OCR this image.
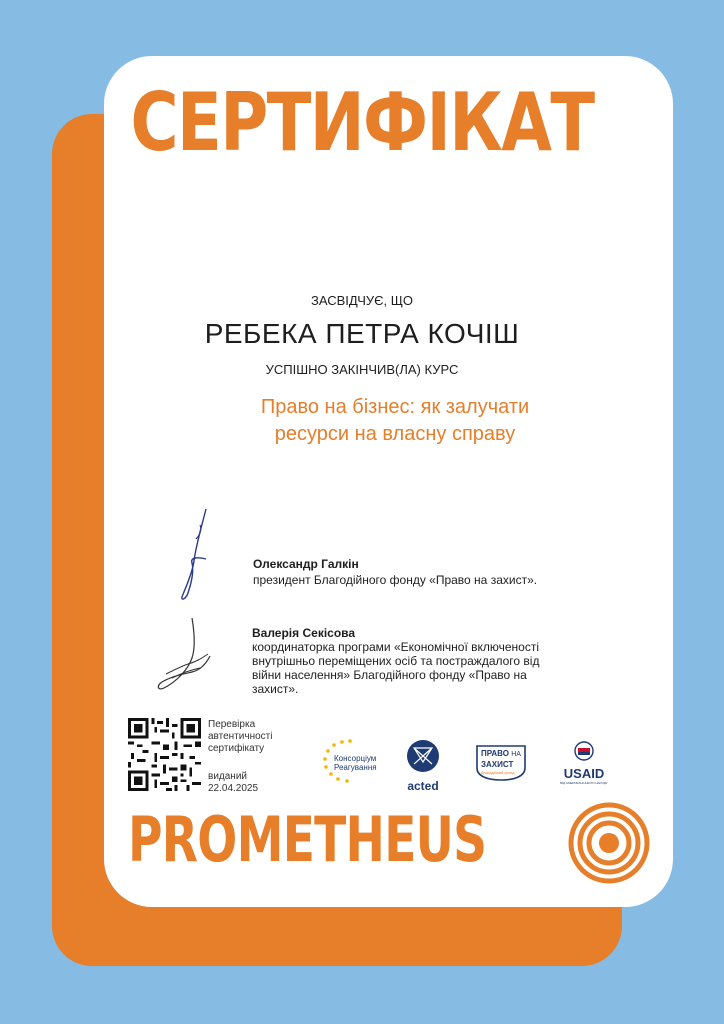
СЕРТИФІКАТ
ЗАСВІДЧУЄ, ЩО
РЕБЕКА ПЕТРА КОЧІШ
УСПІШНО ЗАКІНЧИВ(ЛА) КУРС
Право на бізнес: як залучати
ресурси на власну справу
Олександр Галкін
президент Благодійного фонду «Право на захист».
Валерія Секісова
координаторка програми «Економічної включеності
внутрішньо переміщених осіб та постраждалого від
війни населення» Благодійного фонду «Право на
захист».
Перевірка
автентичності
сертифікату
виданий
22.04.2025
Консорціум
Реагування
acted
ПРАВО НА
ЗАХИСТ
благодійний фонд	USAID
ВІД АМЕРИКАНСЬКОГО НАРОДУ
PROMETHEUS
